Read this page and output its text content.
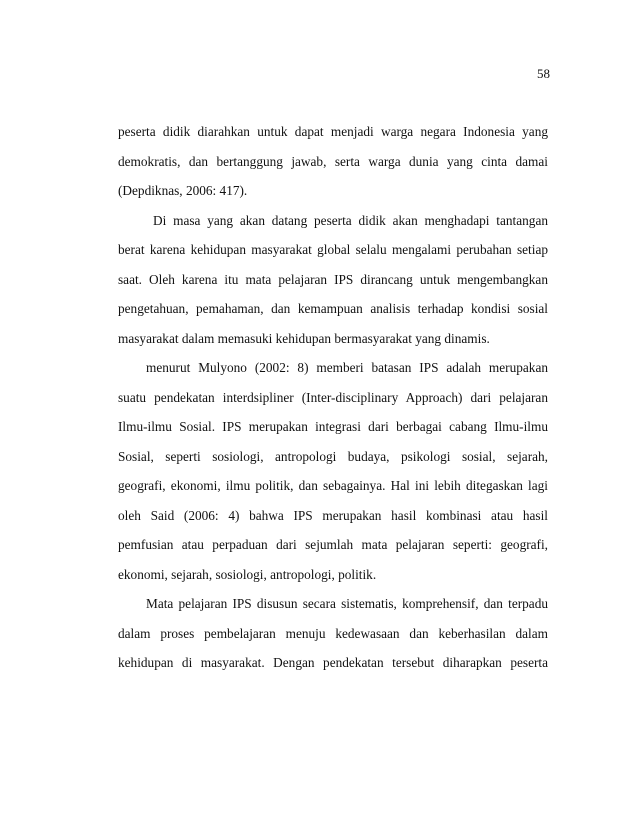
58
peserta didik diarahkan untuk dapat menjadi warga negara Indonesia yang
demokratis, dan bertanggung jawab, serta warga dunia yang cinta damai
(Depdiknas, 2006: 417).
Di masa yang akan datang peserta didik akan menghadapi tantangan
berat karena kehidupan masyarakat global selalu mengalami perubahan setiap
saat. Oleh karena itu mata pelajaran IPS dirancang untuk mengembangkan
pengetahuan, pemahaman, dan kemampuan analisis terhadap kondisi sosial
masyarakat dalam memasuki kehidupan bermasyarakat yang dinamis.
menurut Mulyono (2002: 8) memberi batasan IPS adalah merupakan
suatu pendekatan interdsipliner (Inter-disciplinary Approach) dari pelajaran
Ilmu-ilmu Sosial. IPS merupakan integrasi dari berbagai cabang Ilmu-ilmu
Sosial, seperti sosiologi, antropologi budaya, psikologi sosial, sejarah,
geografi, ekonomi, ilmu politik, dan sebagainya. Hal ini lebih ditegaskan lagi
oleh Said (2006: 4) bahwa IPS merupakan hasil kombinasi atau hasil
pemfusian atau perpaduan dari sejumlah mata pelajaran seperti: geografi,
ekonomi, sejarah, sosiologi, antropologi, politik.
Mata pelajaran IPS disusun secara sistematis, komprehensif, dan terpadu
dalam proses pembelajaran menuju kedewasaan dan keberhasilan dalam
kehidupan di masyarakat. Dengan pendekatan tersebut diharapkan peserta
